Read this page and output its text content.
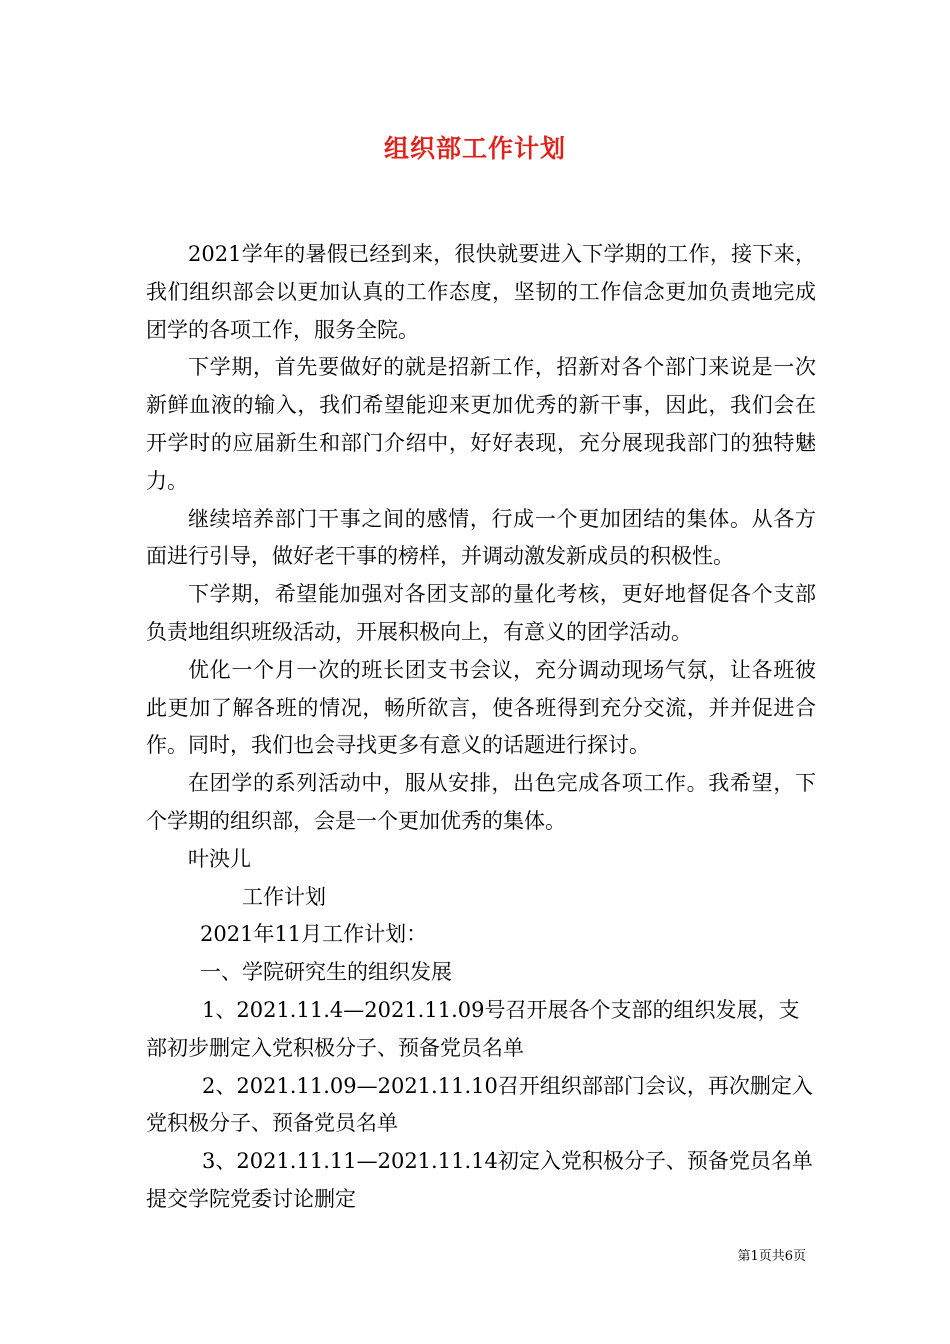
组织部工作计划

2021学年的暑假已经到来，很快就要进入下学期的工作，接下来，我们组织部会以更加认真的工作态度，坚韧的工作信念更加负责地完成团学的各项工作，服务全院。

下学期，首先要做好的就是招新工作，招新对各个部门来说是一次新鲜血液的输入，我们希望能迎来更加优秀的新干事，因此，我们会在开学时的应届新生和部门介绍中，好好表现，充分展现我部门的独特魅力。

继续培养部门干事之间的感情，行成一个更加团结的集体。从各方面进行引导，做好老干事的榜样，并调动激发新成员的积极性。

下学期，希望能加强对各团支部的量化考核，更好地督促各个支部负责地组织班级活动，开展积极向上，有意义的团学活动。

优化一个月一次的班长团支书会议，充分调动现场气氛，让各班彼此更加了解各班的情况，畅所欲言，使各班得到充分交流，并并促进合作。同时，我们也会寻找更多有意义的话题进行探讨。

在团学的系列活动中，服从安排，出色完成各项工作。我希望，下个学期的组织部，会是一个更加优秀的集体。

叶泱儿

工作计划

2021年11月工作计划：

一、学院研究生的组织发展

1、2021.11.4—2021.11.09号召开展各个支部的组织发展，支部初步删定入党积极分子、预备党员名单

2、2021.11.09—2021.11.10召开组织部部门会议，再次删定入党积极分子、预备党员名单

3、2021.11.11—2021.11.14初定入党积极分子、预备党员名单提交学院党委讨论删定

第1页共6页
